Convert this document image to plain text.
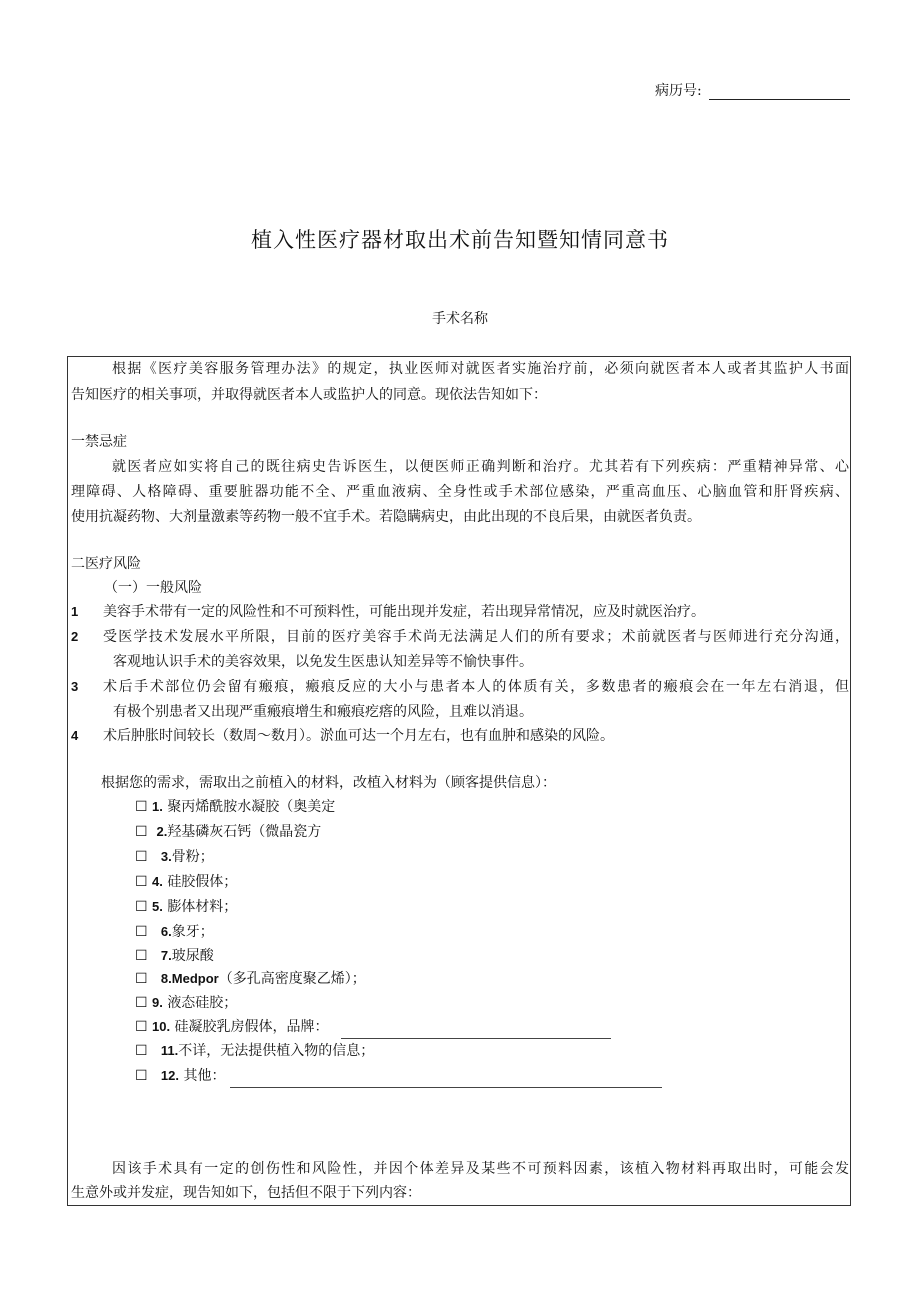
病历号:
植入性医疗器材取出术前告知暨知情同意书
手术名称
根据《医疗美容服务管理办法》的规定，执业医师对就医者实施治疗前，必须向就医者本人或者其监护人书面
告知医疗的相关事项，并取得就医者本人或监护人的同意。现依法告知如下：
一禁忌症
就医者应如实将自己的既往病史告诉医生，以便医师正确判断和治疗。尤其若有下列疾病：严重精神异常、心
理障碍、人格障碍、重要脏器功能不全、严重血液病、全身性或手术部位感染，严重高血压、心脑血管和肝肾疾病、
使用抗凝药物、大剂量激素等药物一般不宜手术。若隐瞒病史，由此出现的不良后果，由就医者负责。
二医疗风险
（一）一般风险
1 美容手术带有一定的风险性和不可预料性，可能出现并发症，若出现异常情况，应及时就医治疗。
2 受医学技术发展水平所限，目前的医疗美容手术尚无法满足人们的所有要求；术前就医者与医师进行充分沟通，
客观地认识手术的美容效果，以免发生医患认知差异等不愉快事件。
3 术后手术部位仍会留有瘢痕，瘢痕反应的大小与患者本人的体质有关，多数患者的瘢痕会在一年左右消退，但
有极个别患者又出现严重瘢痕增生和瘢痕疙瘩的风险，且难以消退。
4 术后肿胀时间较长（数周～数月）。淤血可达一个月左右，也有血肿和感染的风险。
根据您的需求，需取出之前植入的材料，改植入材料为（顾客提供信息）：
☐ 1. 聚丙烯酰胺水凝胶（奥美定
☐ 2.羟基磷灰石钙（微晶瓷方
☐ 3.骨粉；
☐ 4. 硅胶假体；
☐ 5. 膨体材料；
☐ 6.象牙；
☐ 7.玻尿酸
☐ 8.Medpor（多孔高密度聚乙烯）；
☐ 9. 液态硅胶；
☐ 10. 硅凝胶乳房假体，品牌：
☐ 11.不详，无法提供植入物的信息；
☐ 12. 其他：
因该手术具有一定的创伤性和风险性，并因个体差异及某些不可预料因素，该植入物材料再取出时，可能会发
生意外或并发症，现告知如下，包括但不限于下列内容：
